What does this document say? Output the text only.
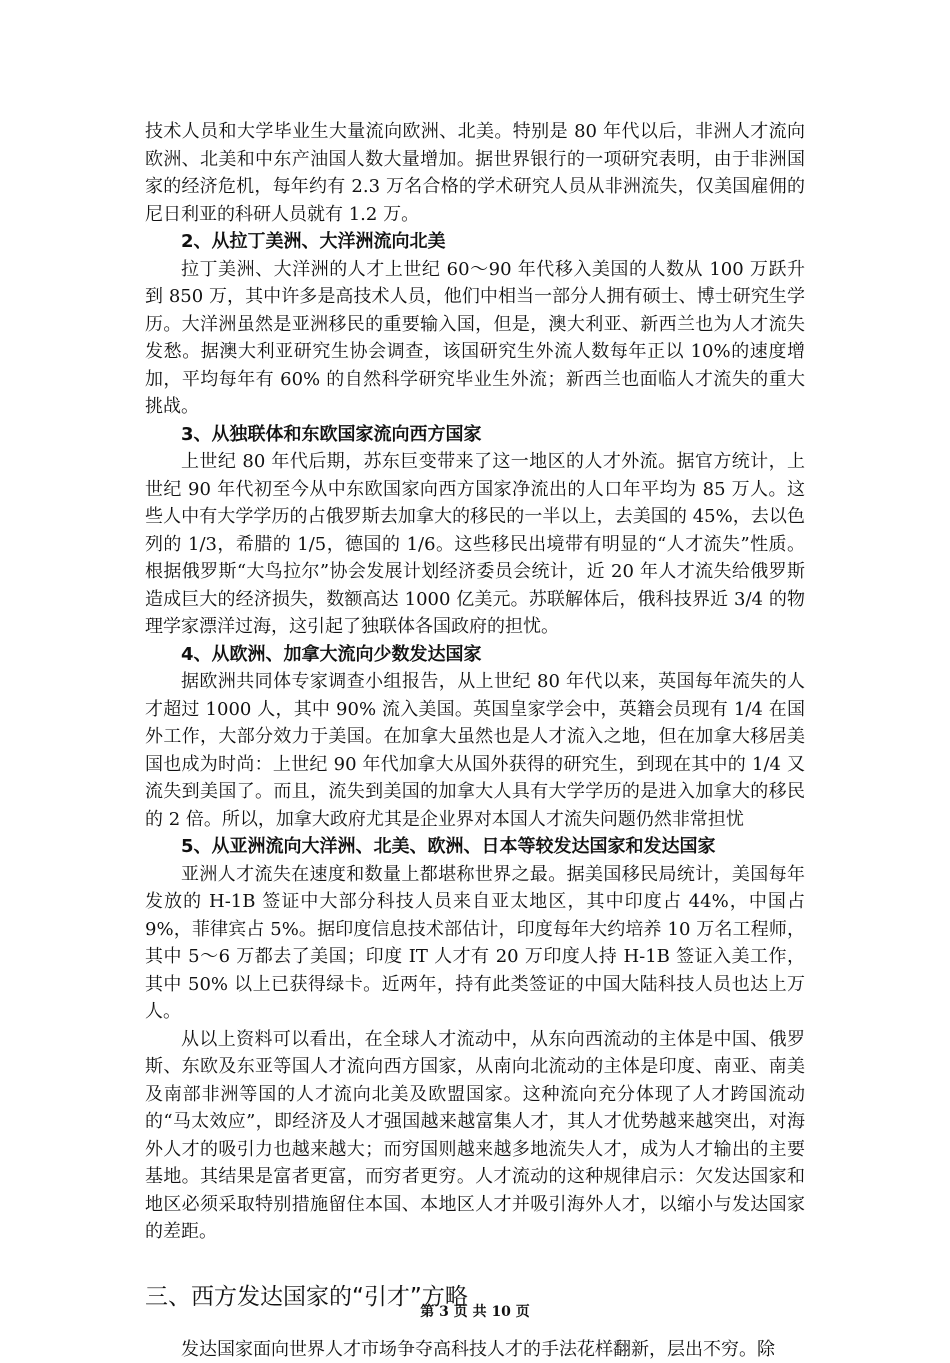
技术人员和大学毕业生大量流向欧洲、北美。特别是 80 年代以后，非洲人才流向欧洲、北美和中东产油国人数大量增加。据世界银行的一项研究表明，由于非洲国家的经济危机，每年约有 2.3 万名合格的学术研究人员从非洲流失，仅美国雇佣的尼日利亚的科研人员就有 1.2 万。

2、从拉丁美洲、大洋洲流向北美

拉丁美洲、大洋洲的人才上世纪 60～90 年代移入美国的人数从 100 万跃升到 850 万，其中许多是高技术人员，他们中相当一部分人拥有硕士、博士研究生学历。大洋洲虽然是亚洲移民的重要输入国，但是，澳大利亚、新西兰也为人才流失发愁。据澳大利亚研究生协会调查，该国研究生外流人数每年正以 10%的速度增加，平均每年有 60% 的自然科学研究毕业生外流；新西兰也面临人才流失的重大挑战。

3、从独联体和东欧国家流向西方国家

上世纪 80 年代后期，苏东巨变带来了这一地区的人才外流。据官方统计，上世纪 90 年代初至今从中东欧国家向西方国家净流出的人口年平均为 85 万人。这些人中有大学学历的占俄罗斯去加拿大的移民的一半以上，去美国的 45%，去以色列的 1/3，希腊的 1/5，德国的 1/6。这些移民出境带有明显的“人才流失”性质。根据俄罗斯“大鸟拉尔”协会发展计划经济委员会统计，近 20 年人才流失给俄罗斯造成巨大的经济损失，数额高达 1000 亿美元。苏联解体后，俄科技界近 3/4 的物理学家漂洋过海，这引起了独联体各国政府的担忧。

4、从欧洲、加拿大流向少数发达国家

据欧洲共同体专家调查小组报告，从上世纪 80 年代以来，英国每年流失的人才超过 1000 人，其中 90% 流入美国。英国皇家学会中，英籍会员现有 1/4 在国外工作，大部分效力于美国。在加拿大虽然也是人才流入之地，但在加拿大移居美国也成为时尚：上世纪 90 年代加拿大从国外获得的研究生，到现在其中的 1/4 又流失到美国了。而且，流失到美国的加拿大人具有大学学历的是进入加拿大的移民的 2 倍。所以，加拿大政府尤其是企业界对本国人才流失问题仍然非常担忧

5、从亚洲流向大洋洲、北美、欧洲、日本等较发达国家和发达国家

亚洲人才流失在速度和数量上都堪称世界之最。据美国移民局统计，美国每年发放的 H-1B 签证中大部分科技人员来自亚太地区，其中印度占 44%，中国占 9%，菲律宾占 5%。据印度信息技术部估计，印度每年大约培养 10 万名工程师，其中 5～6 万都去了美国；印度 IT 人才有 20 万印度人持 H-1B 签证入美工作，其中 50% 以上已获得绿卡。近两年，持有此类签证的中国大陆科技人员也达上万人。

从以上资料可以看出，在全球人才流动中，从东向西流动的主体是中国、俄罗斯、东欧及东亚等国人才流向西方国家，从南向北流动的主体是印度、南亚、南美及南部非洲等国的人才流向北美及欧盟国家。这种流向充分体现了人才跨国流动的“马太效应”，即经济及人才强国越来越富集人才，其人才优势越来越突出，对海外人才的吸引力也越来越大；而穷国则越来越多地流失人才，成为人才输出的主要基地。其结果是富者更富，而穷者更穷。人才流动的这种规律启示：欠发达国家和地区必须采取特别措施留住本国、本地区人才并吸引海外人才，以缩小与发达国家的差距。

三、西方发达国家的“引才”方略

发达国家面向世界人才市场争夺高科技人才的手法花样翻新，层出不穷。除

第 3 页 共 10 页
